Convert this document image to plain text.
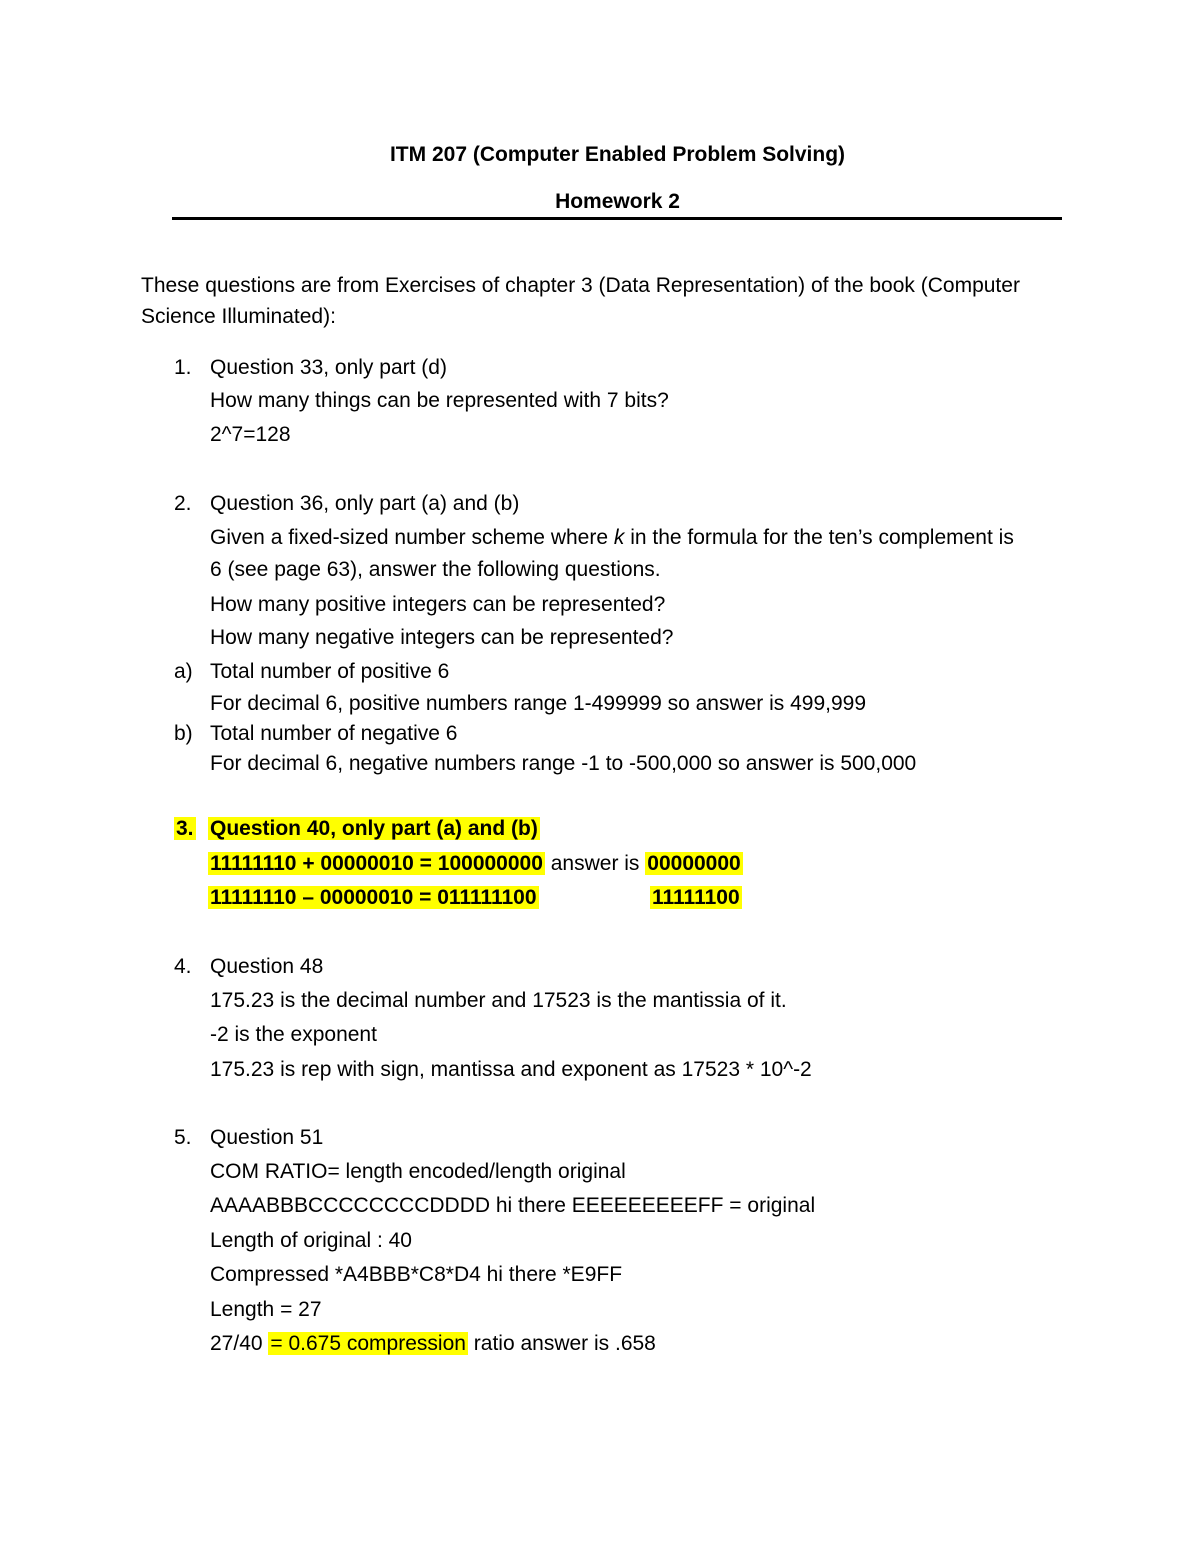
ITM 207 (Computer Enabled Problem Solving)
Homework 2
These questions are from Exercises of chapter 3 (Data Representation) of the book (Computer
Science Illuminated):
1. Question 33, only part (d)
How many things can be represented with 7 bits?
2^7=128
2. Question 36, only part (a) and (b)
Given a fixed-sized number scheme where k in the formula for the ten’s complement is
6 (see page 63), answer the following questions.
How many positive integers can be represented?
How many negative integers can be represented?
a) Total number of positive 6
For decimal 6, positive numbers range 1-499999 so answer is 499,999
b) Total number of negative 6
For decimal 6, negative numbers range -1 to -500,000 so answer is 500,000
3. Question 40, only part (a) and (b)
11111110 + 00000010 = 100000000 answer is 00000000
11111110 – 00000010 = 011111100	11111100
4. Question 48
175.23 is the decimal number and 17523 is the mantissia of it.
-2 is the exponent
175.23 is rep with sign, mantissa and exponent as 17523 * 10^-2
5. Question 51
COM RATIO= length encoded/length original
AAAABBBCCCCCCCCDDDD hi there EEEEEEEEEFF = original
Length of original : 40
Compressed *A4BBB*C8*D4 hi there *E9FF
Length = 27
27/40 = 0.675 compression ratio answer is .658
